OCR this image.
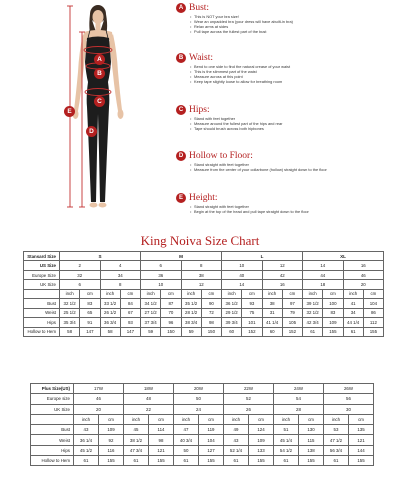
A
B
C
D
E
A Bust:
• This is NOT your bra size!
• Wear an unpadded bra (your dress will have abuilt-in bra)
• Relax arms at sides
• Pull tape across the fullest part of the bust
B Waist:
• Bend to one side to find the natural crease of your waist
• This is the slimmest part of the waist
• Measure across at this point
• Keep tape slightly loose to allow for breathing room
C Hips:
• Stand with feet together
• Measure around the fullest part of the hips and rear
• Tape should brush across both hipbones
D Hollow to Floor:
• Stand straight with feet together
• Measure from the center of your collarbone (hollow) straight down to the floor
E Height:
• Stand straight with feet together
• Begin at the top of the head and pull tape straight down to the floor
King Noiva Size Chart
Stansard Size	S				M				L				XL			
US Size	2		4		6		8		10		12		14		16	
Europe Size	32		34		36		38		40		42		44		46	
UK Size	6		8		10		12		14		16		18		20	
	inch	cm	inch	cm	inch	cm	inch	cm	inch	cm	inch	cm	inch	cm	inch	cm
Bust	32 1/2	83	33 1/2	84	34 1/2	87	35 1/2	90	36 1/2	93	38	97	39 1/2	100	41	104
Weist	25 1/2	65	26 1/2	67	27 1/2	70	28 1/2	72	29 1/2	75	31	79	32 1/2	83	34	86
Hips	35 3/4	91	36 3/4	93	37 3/4	96	38 3/4	98	39 3/4	101	41 1/4	105	42 3/4	109	44 1/4	112
Hollow to Hem	58	147	58	147	59	150	59	150	60	152	60	152	61	155	61	155
Plus Size(US)	17W		18W		20W		22W		24W		26W	
Europe size	46		48		50		52		54		56	
UK Size	20		22		24		26		28		30	
	inch	cm	inch	cm	inch	cm	inch	cm	inch	cm	inch	cm
Bust	43	109	45	114	47	119	49	124	51	130	53	135
Weist	36 1/4	92	38 1/2	98	40 3/4	104	43	109	45 1/4	115	47 1/2	121
Hips	45 1/2	116	47 3/4	121	50	127	52 1/4	133	54 1/2	138	56 3/4	144
Hollow to Hem	61	155	61	155	61	155	61	155	61	155	61	155
